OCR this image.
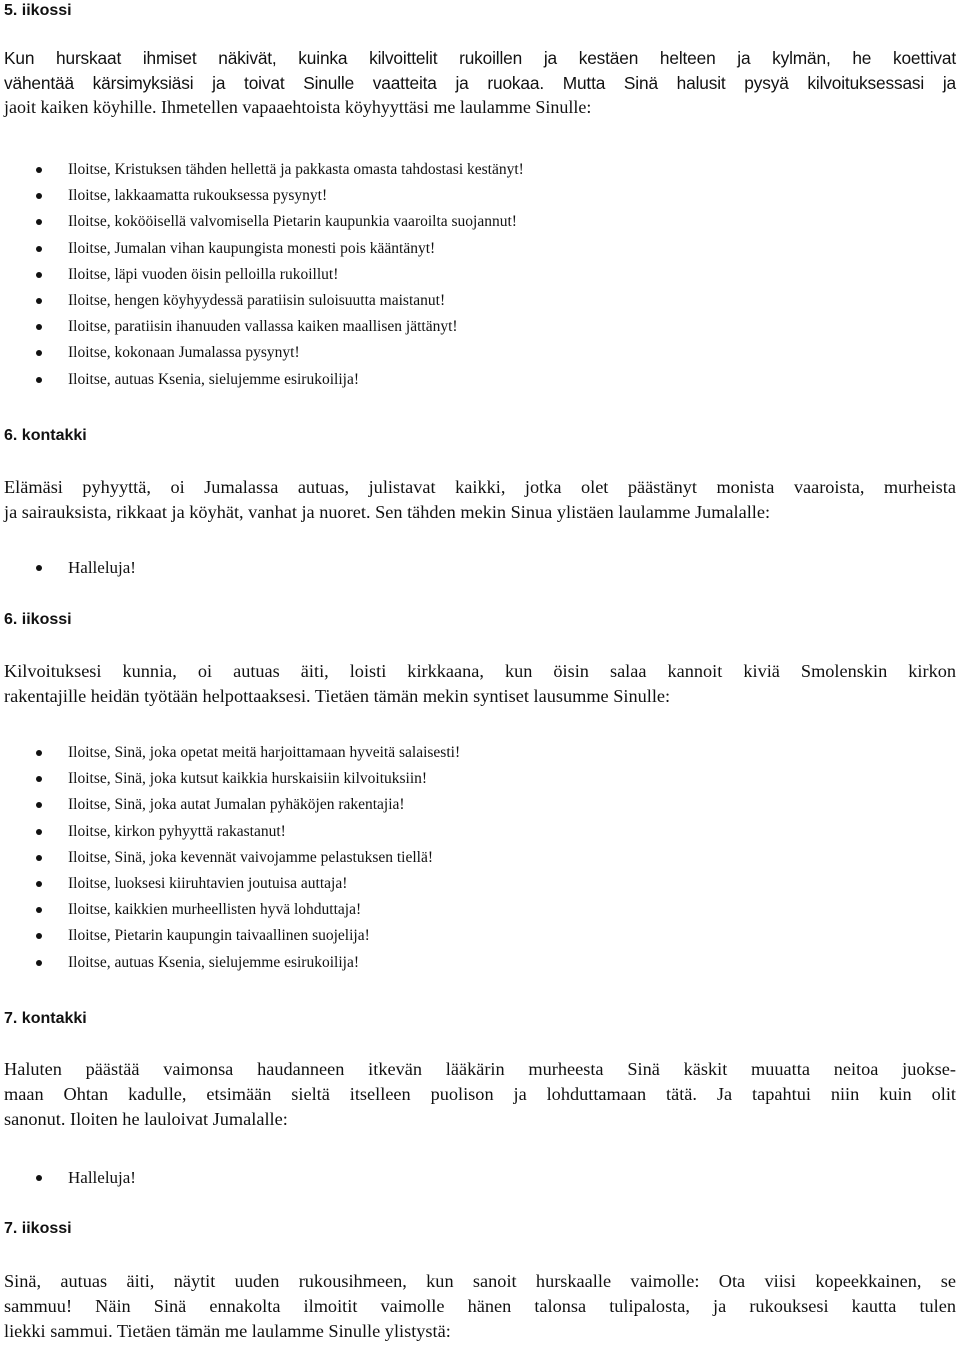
5. iikossi

Kun hurskaat ihmiset näkivät, kuinka kilvoittelit rukoillen ja kestäen helteen ja kylmän, he koettivat

vähentää kärsimyksiäsi ja toivat Sinulle vaatteita ja ruokaa. Mutta Sinä halusit pysyä kilvoituksessasi ja

jaoit kaiken köyhille. Ihmetellen vapaaehtoista köyhyyttäsi me laulamme Sinulle:

Iloitse, Kristuksen tähden hellettä ja pakkasta omasta tahdostasi kestänyt!
Iloitse, lakkaamatta rukouksessa pysynyt!
Iloitse, kokööisellä valvomisella Pietarin kaupunkia vaaroilta suojannut!
Iloitse, Jumalan vihan kaupungista monesti pois kääntänyt!
Iloitse, läpi vuoden öisin pelloilla rukoillut!
Iloitse, hengen köyhyydessä paratiisin suloisuutta maistanut!
Iloitse, paratiisin ihanuuden vallassa kaiken maallisen jättänyt!
Iloitse, kokonaan Jumalassa pysynyt!
Iloitse, autuas Ksenia, sielujemme esirukoilija!
6. kontakki

Elämäsi pyhyyttä, oi Jumalassa autuas, julistavat kaikki, jotka olet päästänyt monista vaaroista, murheista

ja sairauksista, rikkaat ja köyhät, vanhat ja nuoret. Sen tähden mekin Sinua ylistäen laulamme Jumalalle:

Halleluja!
6. iikossi

Kilvoituksesi kunnia, oi autuas äiti, loisti kirkkaana, kun öisin salaa kannoit kiviä Smolenskin kirkon

rakentajille heidän työtään helpottaaksesi. Tietäen tämän mekin syntiset lausumme Sinulle:

Iloitse, Sinä, joka opetat meitä harjoittamaan hyveitä salaisesti!
Iloitse, Sinä, joka kutsut kaikkia hurskaisiin kilvoituksiin!
Iloitse, Sinä, joka autat Jumalan pyhäköjen rakentajia!
Iloitse, kirkon pyhyyttä rakastanut!
Iloitse, Sinä, joka kevennät vaivojamme pelastuksen tiellä!
Iloitse, luoksesi kiiruhtavien joutuisa auttaja!
Iloitse, kaikkien murheellisten hyvä lohduttaja!
Iloitse, Pietarin kaupungin taivaallinen suojelija!
Iloitse, autuas Ksenia, sielujemme esirukoilija!
7. kontakki

Haluten päästää vaimonsa haudanneen itkevän lääkärin murheesta Sinä käskit muuatta neitoa juokse-

maan Ohtan kadulle, etsimään sieltä itselleen puolison ja lohduttamaan tätä. Ja tapahtui niin kuin olit

sanonut. Iloiten he lauloivat Jumalalle:

Halleluja!
7. iikossi

Sinä, autuas äiti, näytit uuden rukousihmeen, kun sanoit hurskaalle vaimolle: Ota viisi kopeekkainen, se

sammuu! Näin Sinä ennakolta ilmoitit vaimolle hänen talonsa tulipalosta, ja rukouksesi kautta tulen

liekki sammui. Tietäen tämän me laulamme Sinulle ylistystä:
